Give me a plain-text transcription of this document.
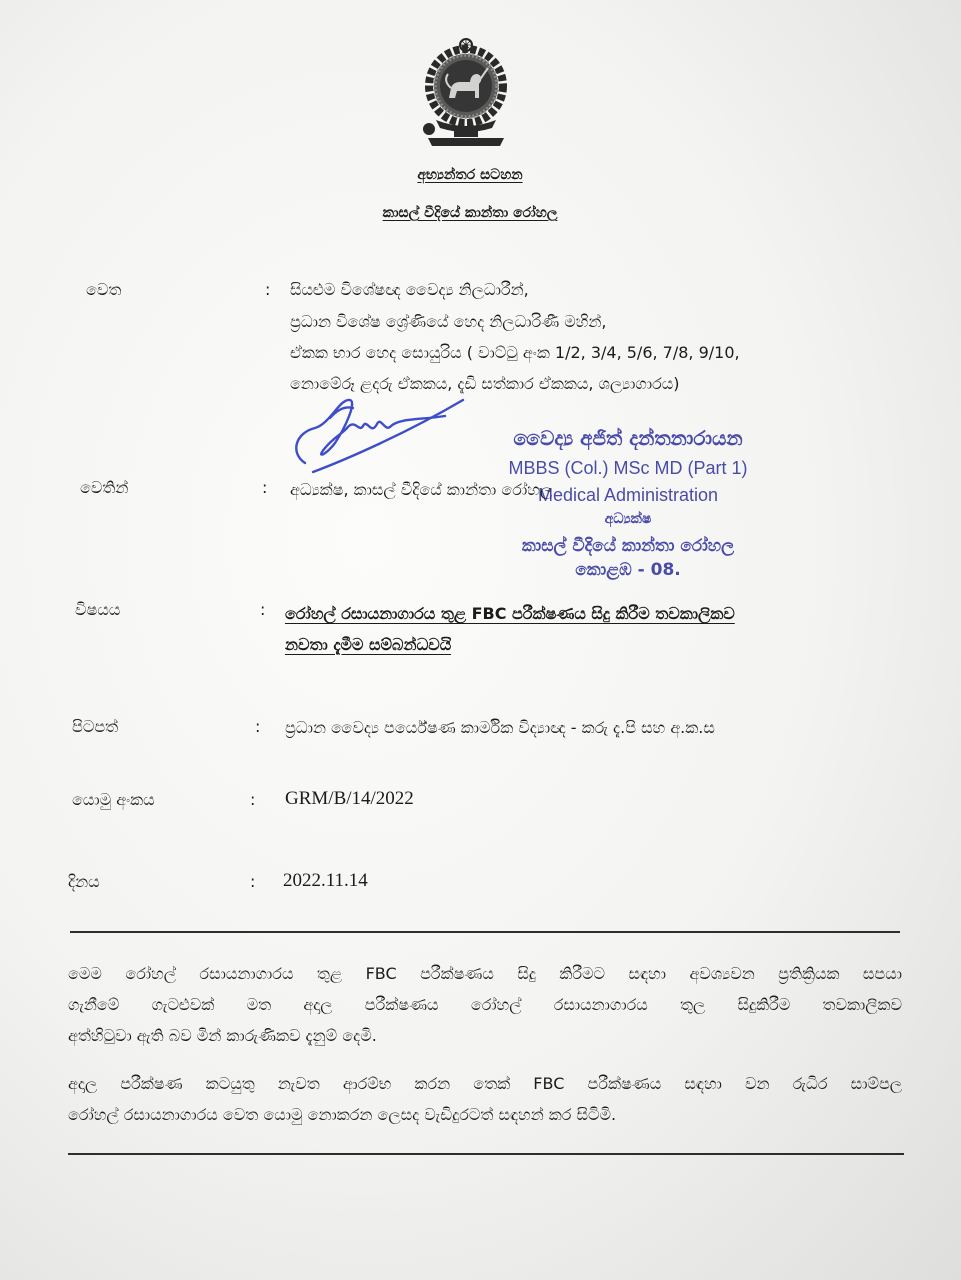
අභ්‍යන්තර සටහන
කාසල් වීදියේ කාන්තා රෝහල
වෙත	: සියළුම විශේෂඥ වෛද්‍ය නිලධාරීන්,
ප්‍රධාන විශේෂ ශ්‍රේණියේ හෙද නිලධාරිණී මහින්,
ඒකක භාර හෙද සොයුරිය ( වාට්ටු අංක 1/2, 3/4, 5/6, 7/8, 9/10,
නොමේරූ ළදරු ඒකකය, දැඩි සත්කාර ඒකකය, ශල්‍යාගාරය)
වෙතින්	: අධ්‍යක්ෂ, කාසල් වීදියේ කාන්තා රෝහල
වෛද්‍ය අජිත් දන්තනාරායන
MBBS (Col.) MSc MD (Part 1)
Medical Administration
අධ්‍යක්ෂ
කාසල් වීදියේ කාන්තා රෝහල
කොළඹ - 08.
විෂයය	: රෝහල් රසායනාගාරය තුළ FBC පරීක්ෂණය සිදු කිරීම තවකාලිකව
නවතා දැමීම සම්බන්ධවයි
පිටපත්	: ප්‍රධාන වෛද්‍ය පර්යේෂණ කාර්මික විද්‍යාඥ - කරු දැ.පි සහ අ.ක.ස
යොමු අංකය	: GRM/B/14/2022
දිනය	: 2022.11.14
මෙම රෝහල් රසායනාගාරය තුළ FBC පරීක්ෂණය සිදු කිරීමට සඳහා අවශ්‍යවන ප්‍රතික්‍රියක සපයා
ගැනීමේ ගැටළුවක් මත අදාල පරීක්ෂණය රෝහල් රසායනාගාරය තුල සිදුකිරීම තවකාලිකව
අත්හිටුවා ඇති බව මින් කාරුණිකව දැනුම් දෙමි.
අදාල පරීක්ෂණ කටයුතු නැවත ආරම්භ කරන තෙක් FBC පරීක්ෂණය සඳහා වන රුධිර සාම්පල
රෝහල් රසායනාගාරය වෙත යොමු නොකරන ලෙසද වැඩිදුරටත් සඳහන් කර සිටිමි.
